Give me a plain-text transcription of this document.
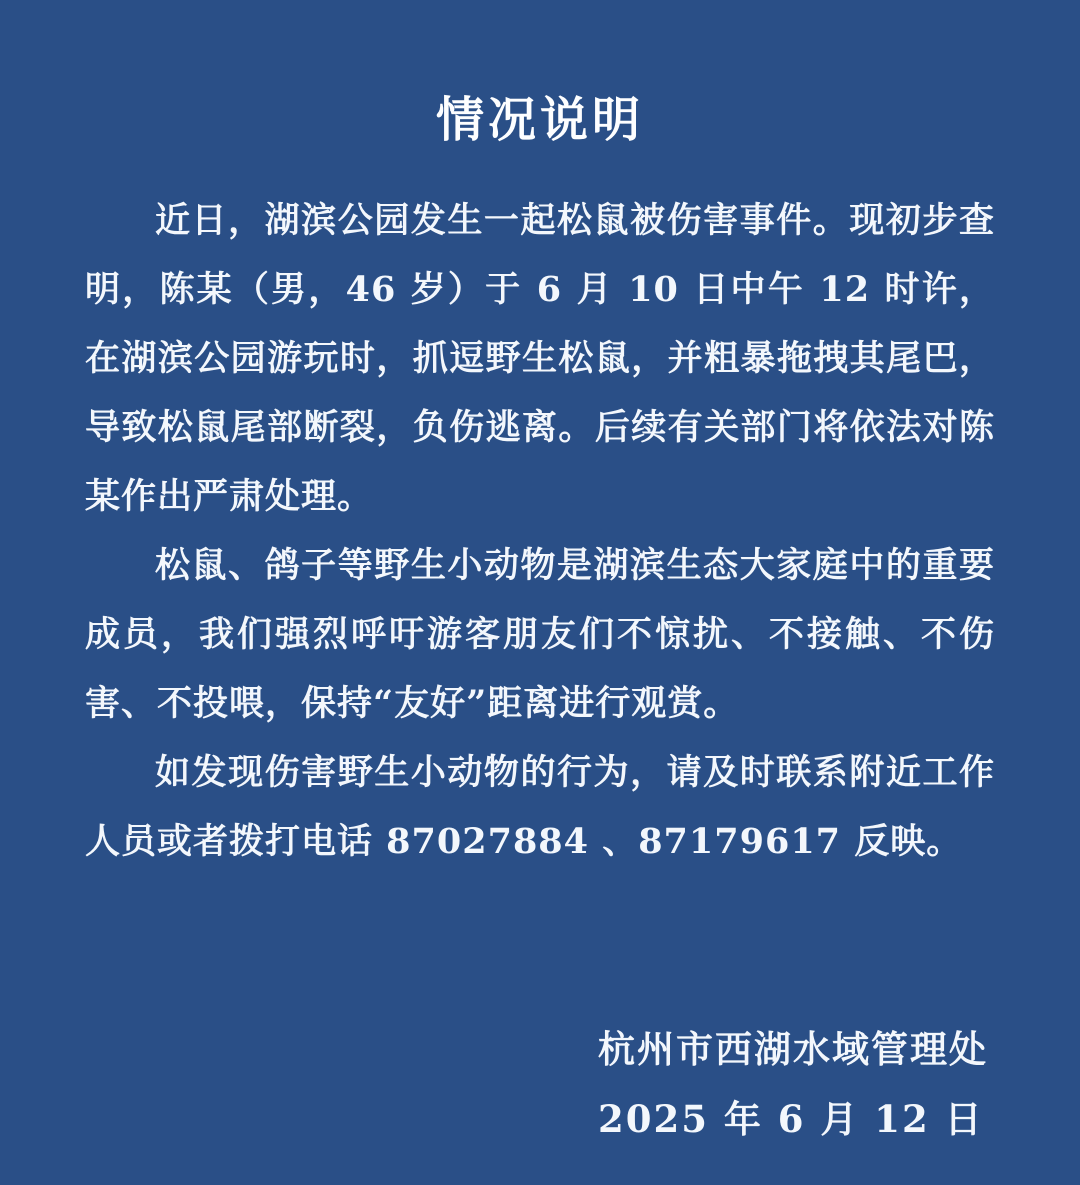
情况说明

近日，湖滨公园发生一起松鼠被伤害事件。现初步查明，陈某（男，46 岁）于 6 月 10 日中午 12 时许，在湖滨公园游玩时，抓逗野生松鼠，并粗暴拖拽其尾巴，导致松鼠尾部断裂，负伤逃离。后续有关部门将依法对陈某作出严肃处理。

松鼠、鸽子等野生小动物是湖滨生态大家庭中的重要成员，我们强烈呼吁游客朋友们不惊扰、不接触、不伤害、不投喂，保持“友好”距离进行观赏。

如发现伤害野生小动物的行为，请及时联系附近工作人员或者拨打电话 87027884 、87179617 反映。

杭州市西湖水域管理处
2025 年 6 月 12 日
